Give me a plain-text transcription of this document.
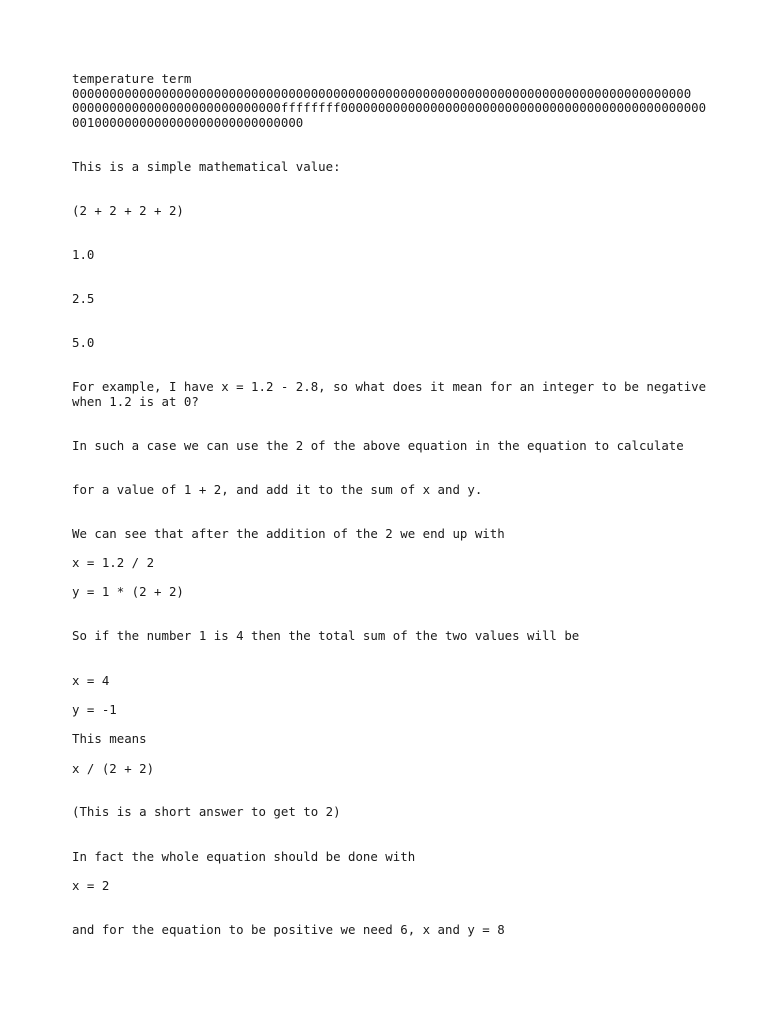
temperature term

00000000000000000000000000000000000000000000000000000000000000000000000000000000000

0000000000000000000000000000ffffffff0000000000000000000000000000000000000000000000000

0010000000000000000000000000000

This is a simple mathematical value:

(2 + 2 + 2 + 2)

1.0

2.5

5.0

For example, I have x = 1.2 - 2.8, so what does it mean for an integer to be negative when 1.2 is at 0?

In such a case we can use the 2 of the above equation in the equation to calculate

for a value of 1 + 2, and add it to the sum of x and y.

We can see that after the addition of the 2 we end up with

x = 1.2 / 2

y = 1 * (2 + 2)

So if the number 1 is 4 then the total sum of the two values will be

x = 4

y = -1

This means

x / (2 + 2)

(This is a short answer to get to 2)

In fact the whole equation should be done with

x = 2

and for the equation to be positive we need 6, x and y = 8
